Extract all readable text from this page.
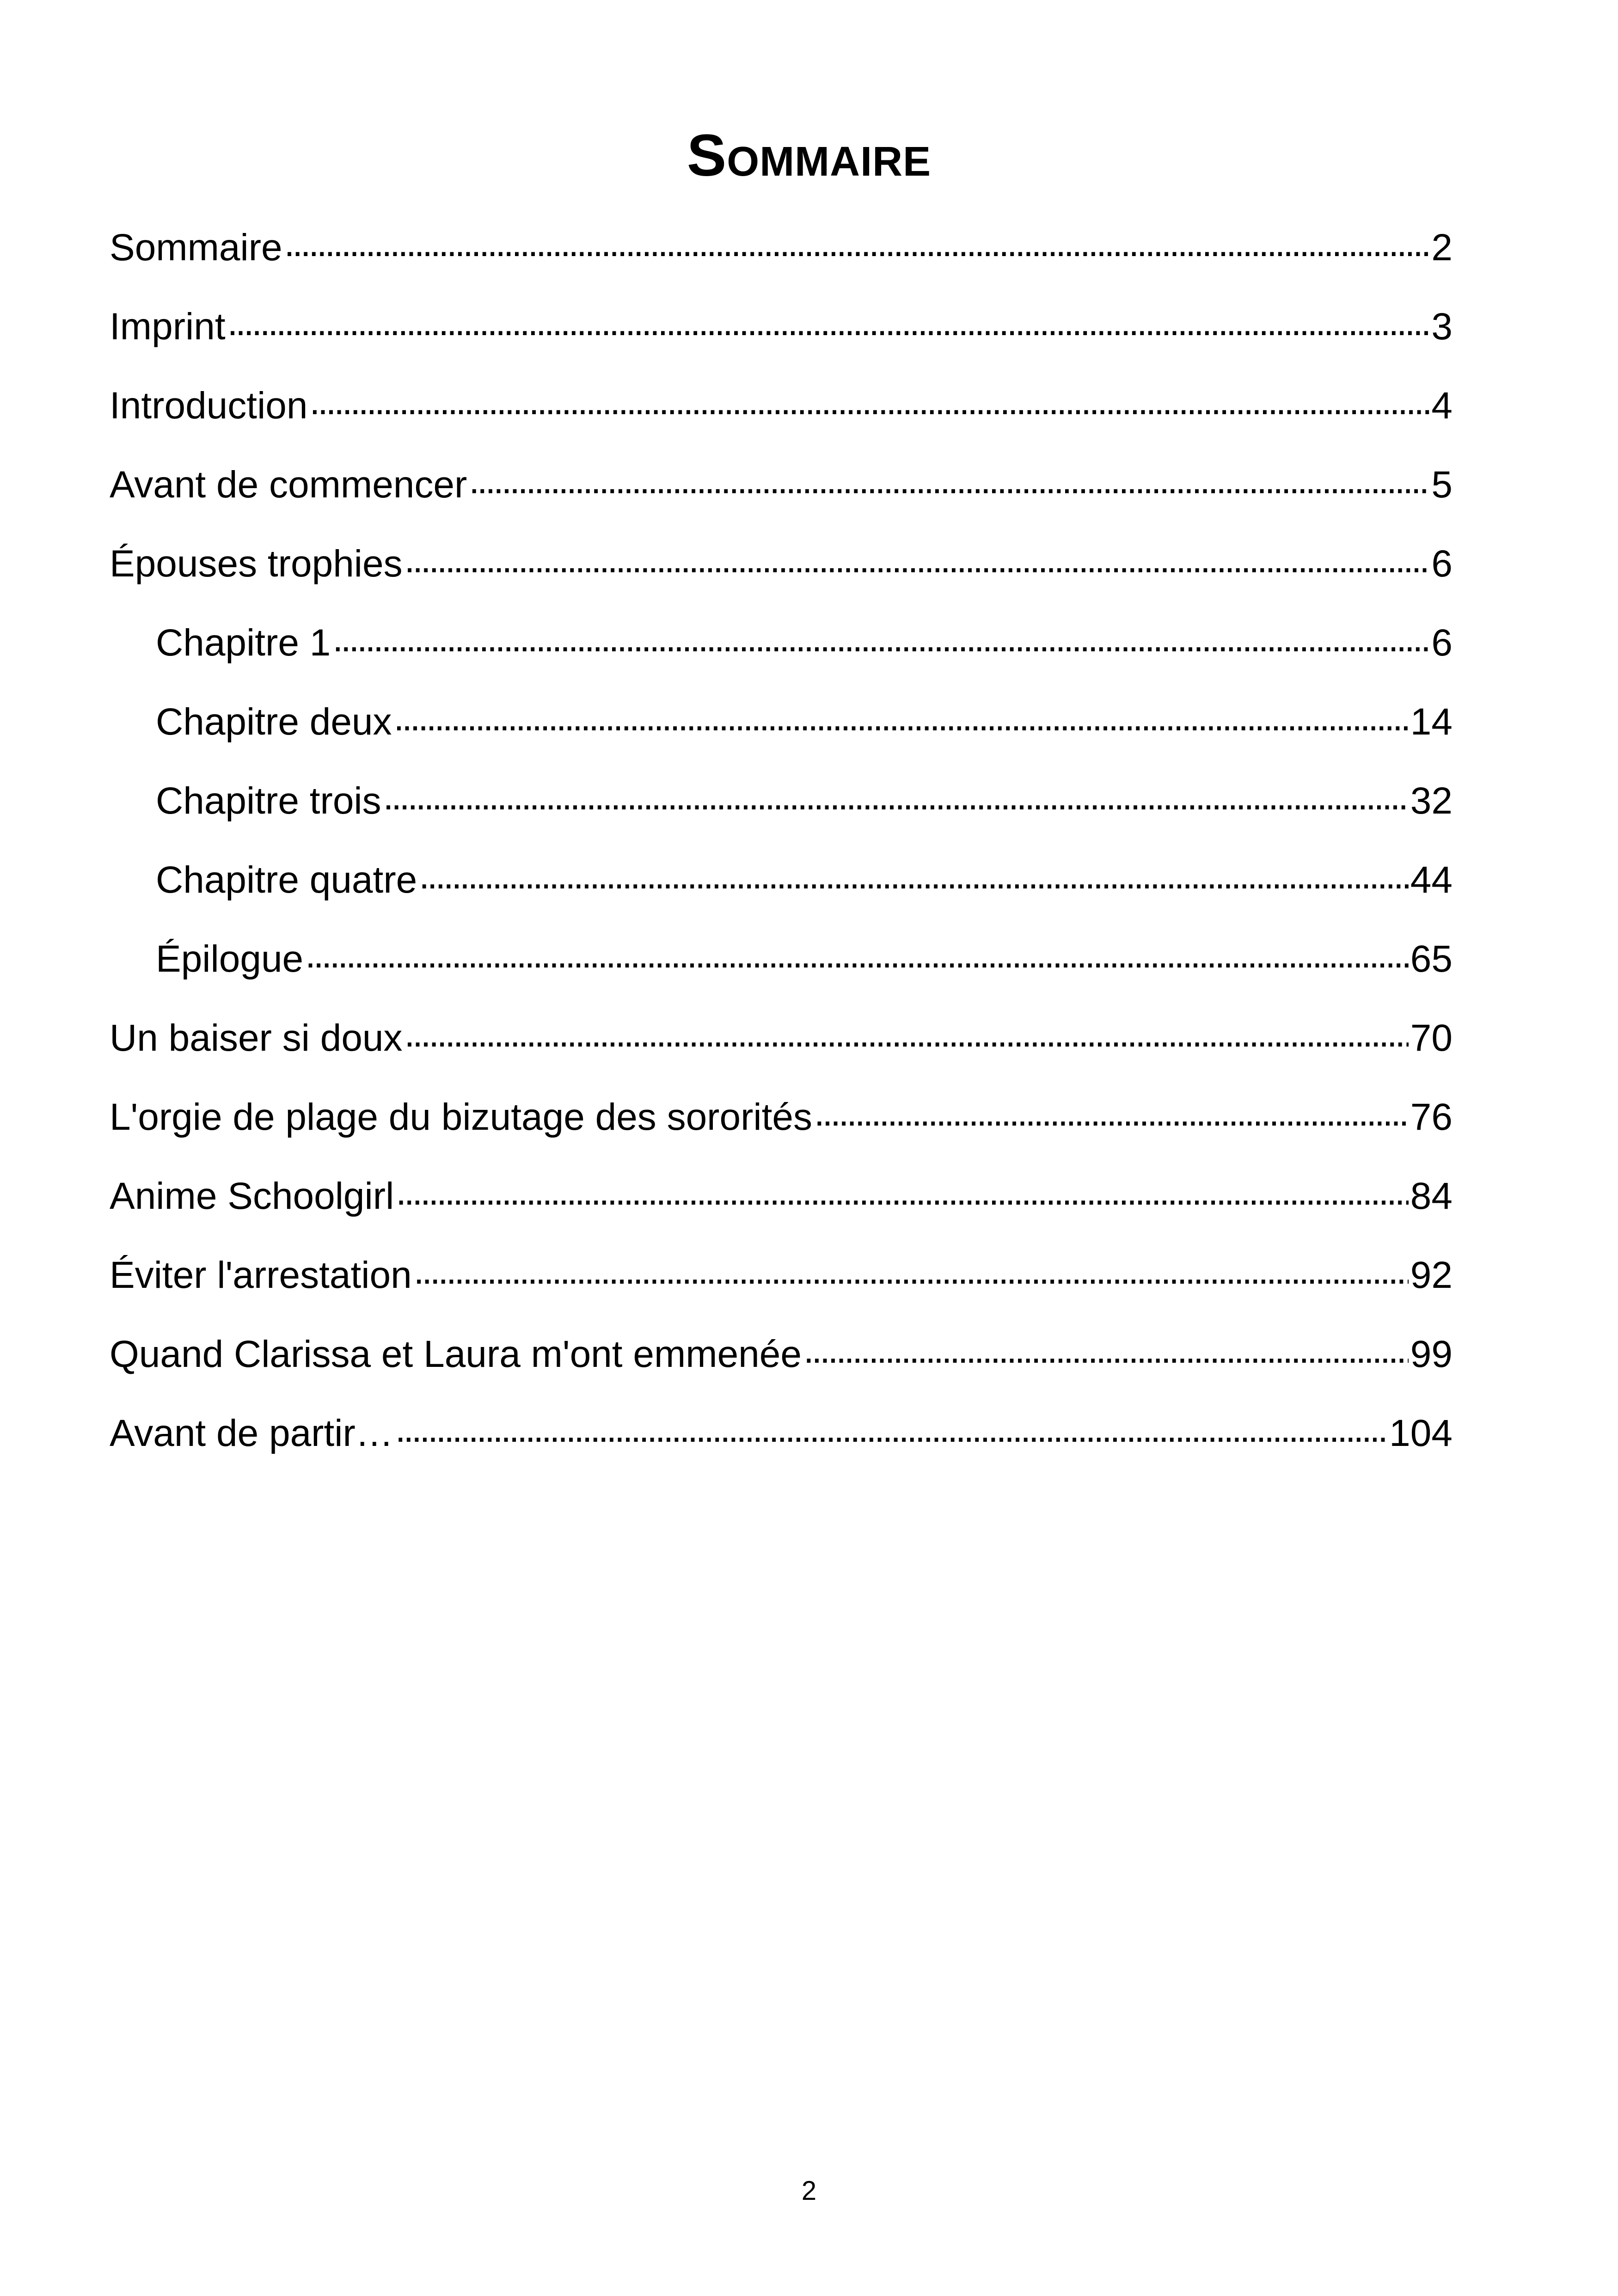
Sommaire
Sommaire . . .	2
Imprint . . .	3
Introduction . . .	4
Avant de commencer . . .	5
Épouses trophies . . .	6
Chapitre 1 . . .	6
Chapitre deux . . .	14
Chapitre trois . . .	32
Chapitre quatre . . .	44
Épilogue . . .	65
Un baiser si doux . . .	70
L'orgie de plage du bizutage des sororités . . .	76
Anime Schoolgirl . . .	84
Éviter l'arrestation . . .	92
Quand Clarissa et Laura m'ont emmenée . . .	99
Avant de partir… . . .	104
2
